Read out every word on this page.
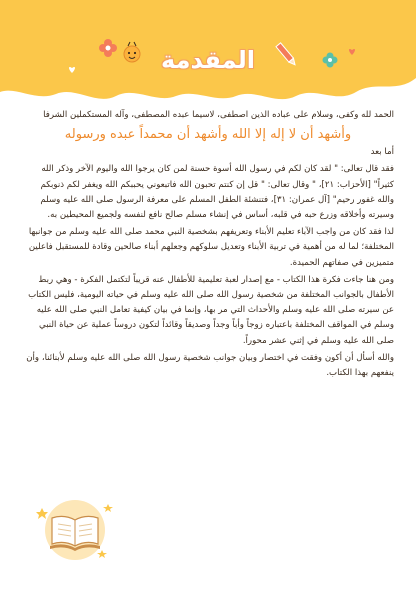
المقدمة

الحمد لله وكفى، وسلام على عباده الذين اصطفى، لاسيما عبده المصطفى، وآله المستكملين الشرفا

وأشهد أن لا إله إلا الله وأشهد أن محمداً عبده ورسوله

أما بعد

فقد قال تعالى: " لقد كان لكم في رسول الله أسوة حسنة لمن كان يرجوا الله واليوم الآخر وذكر الله كثيراً" [الأحزاب: ٢١]، " وقال تعالى: " قل إن كنتم تحبون الله فاتبعوني يحببكم الله ويغفر لكم ذنوبكم والله غفور رحيم" [آل عمران: ٣١]، فتنشئة الطفل المسلم على معرفة الرسول صلى الله عليه وسلم وسيرته وأخلاقه وزرع حبه في قلبه، أساس في إنشاء مسلم صالح نافع لنفسه ولجميع المحيطين به.

لذا فقد كان من واجب الآباء تعليم الأبناء وتعريفهم بشخصية النبي محمد صلى الله عليه وسلم من جوانبها المختلفة؛ لما له من أهمية في تربية الأبناء وتعديل سلوكهم وجعلهم أبناء صالحين وقادة للمستقبل فاعلين متميزين في صفاتهم الحميدة.

ومن هنا جاءت فكرة هذا الكتاب - مع إصدار لعبة تعليمية للأطفال عنه قريباً لتكتمل الفكرة - وهي ربط الأطفال بالجوانب المختلفة من شخصية رسول الله صلى الله عليه وسلم في حياته اليومية، فليس الكتاب عن سيرته صلى الله عليه وسلم والأحداث التي مر بها، وإنما في بيان كيفية تعامل النبي صلى الله عليه وسلم في المواقف المختلفة باعتباره زوجاً وأباً وجداً وصديقاً وقائداً لتكون دروساً عملية عن حياة النبي صلى الله عليه وسلم في إثني عشر محوراً.

والله أسأل أن أكون وفقت في اختصار وبيان جوانب شخصية رسول الله صلى الله عليه وسلم لأبنائنا، وأن ينفعهم بهذا الكتاب.
